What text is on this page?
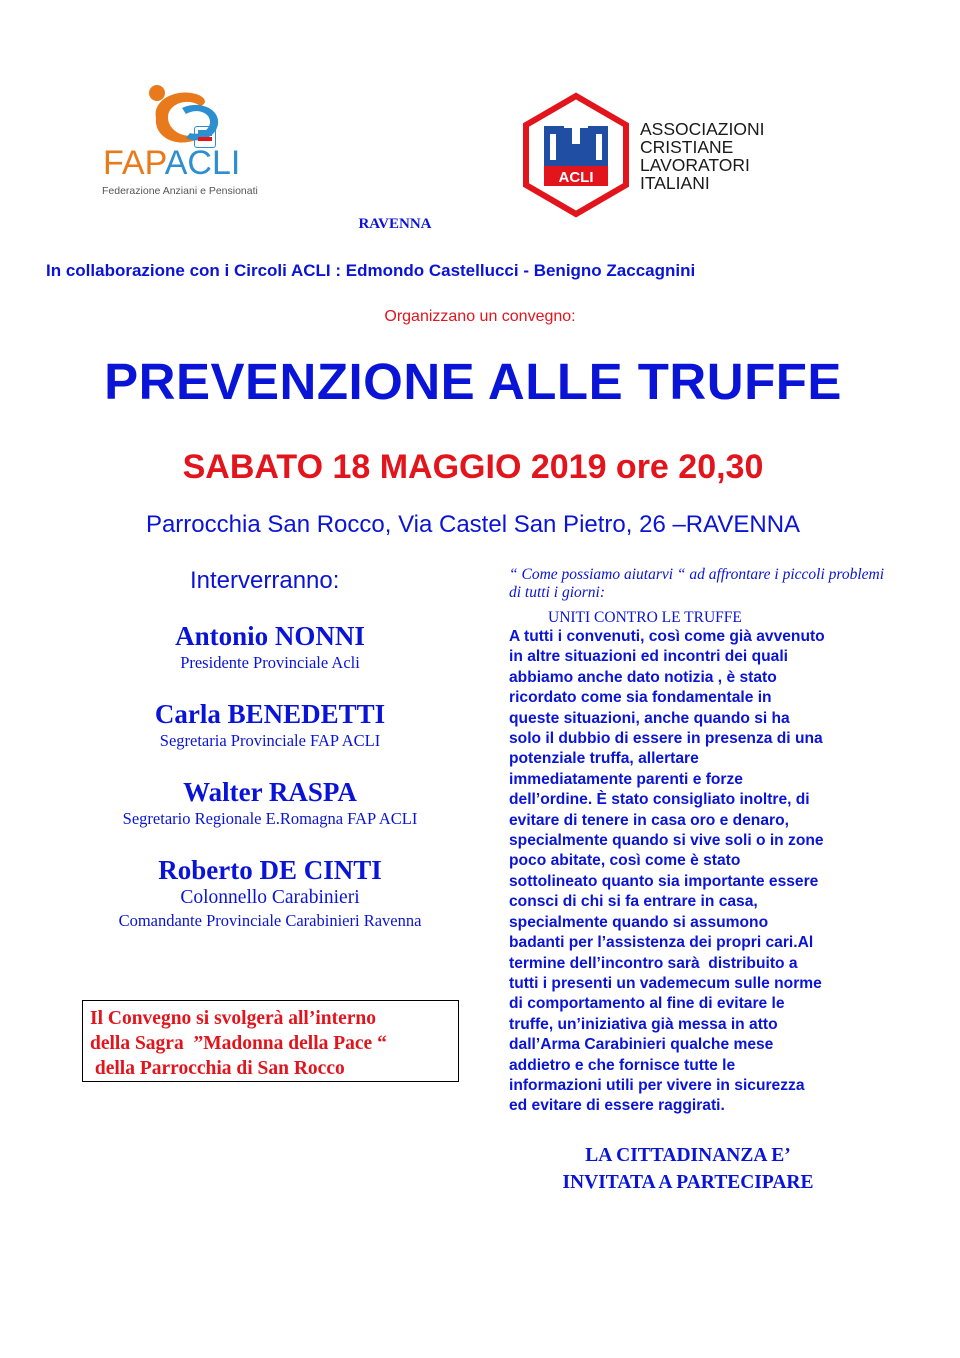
FAPACLI
Federazione Anziani e Pensionati
ACLI
ASSOCIAZIONI
CRISTIANE
LAVORATORI
ITALIANI
RAVENNA
In collaborazione con i Circoli ACLI : Edmondo Castellucci - Benigno Zaccagnini
Organizzano un convegno:
PREVENZIONE ALLE TRUFFE
SABATO 18 MAGGIO 2019 ore 20,30
Parrocchia San Rocco, Via Castel San Pietro, 26 –RAVENNA
Interverranno:
Antonio NONNI
Presidente Provinciale Acli
Carla BENEDETTI
Segretaria Provinciale FAP ACLI
Walter RASPA
Segretario Regionale E.Romagna FAP ACLI
Roberto DE CINTI
Colonnello Carabinieri
Comandante Provinciale Carabinieri Ravenna
Il Convegno si svolgerà all’interno
della Sagra  ”Madonna della Pace “
della Parrocchia di San Rocco
“ Come possiamo aiutarvi “ ad affrontare i piccoli problemi di tutti i giorni:
UNITI CONTRO LE TRUFFE
A tutti i convenuti, così come già avvenuto
in altre situazioni ed incontri dei quali
abbiamo anche dato notizia , è stato
ricordato come sia fondamentale in
queste situazioni, anche quando si ha
solo il dubbio di essere in presenza di una
potenziale truffa, allertare
immediatamente parenti e forze
dell’ordine. È stato consigliato inoltre, di
evitare di tenere in casa oro e denaro,
specialmente quando si vive soli o in zone
poco abitate, così come è stato
sottolineato quanto sia importante essere
consci di chi si fa entrare in casa,
specialmente quando si assumono
badanti per l’assistenza dei propri cari.Al
termine dell’incontro sarà  distribuito a
tutti i presenti un vademecum sulle norme
di comportamento al fine di evitare le
truffe, un’iniziativa già messa in atto
dall’Arma Carabinieri qualche mese
addietro e che fornisce tutte le
informazioni utili per vivere in sicurezza
ed evitare di essere raggirati.
LA CITTADINANZA E’
INVITATA A PARTECIPARE
